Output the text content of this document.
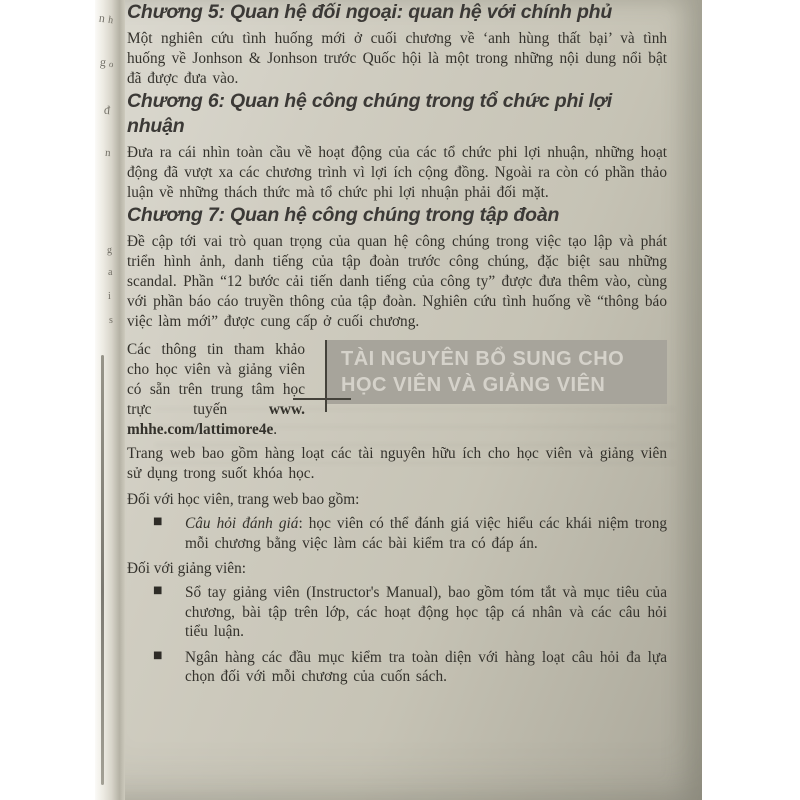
n h
g o
đ
n
g
a
i
s
Chương 5: Quan hệ đối ngoại: quan hệ với chính phủ

Một nghiên cứu tình huống mới ở cuối chương về ‘anh hùng thất bại’ và tình huống về Jonhson & Jonhson trước Quốc hội là một trong những nội dung nổi bật đã được đưa vào.

Chương 6: Quan hệ công chúng trong tổ chức phi lợi nhuận

Đưa ra cái nhìn toàn cầu về hoạt động của các tổ chức phi lợi nhuận, những hoạt động đã vượt xa các chương trình vì lợi ích cộng đồng. Ngoài ra còn có phần thảo luận về những thách thức mà tổ chức phi lợi nhuận phải đối mặt.

Chương 7: Quan hệ công chúng trong tập đoàn

Đề cập tới vai trò quan trọng của quan hệ công chúng trong việc tạo lập và phát triển hình ảnh, danh tiếng của tập đoàn trước công chúng, đặc biệt sau những scandal. Phần “12 bước cải tiến danh tiếng của công ty” được đưa thêm vào, cùng với phần báo cáo truyền thông của tập đoàn. Nghiên cứu tình huống về “thông báo việc làm mới” được cung cấp ở cuối chương.

Các thông tin tham khảo cho học viên và giảng viên có sẵn trên trung tâm học trực tuyến www.mhhe.com/lattimore4e.

TÀI NGUYÊN BỔ SUNG CHO
HỌC VIÊN VÀ GIẢNG VIÊN

Trang web bao gồm hàng loạt các tài nguyên hữu ích cho học viên và giảng viên sử dụng trong suốt khóa học.

Đối với học viên, trang web bao gồm:

■ Câu hỏi đánh giá: học viên có thể đánh giá việc hiểu các khái niệm trong mỗi chương bằng việc làm các bài kiểm tra có đáp án.

Đối với giảng viên:

■ Sổ tay giảng viên (Instructor's Manual), bao gồm tóm tắt và mục tiêu của chương, bài tập trên lớp, các hoạt động học tập cá nhân và các câu hỏi tiểu luận.
■ Ngân hàng các đầu mục kiểm tra toàn diện với hàng loạt câu hỏi đa lựa chọn đối với mỗi chương của cuốn sách.
